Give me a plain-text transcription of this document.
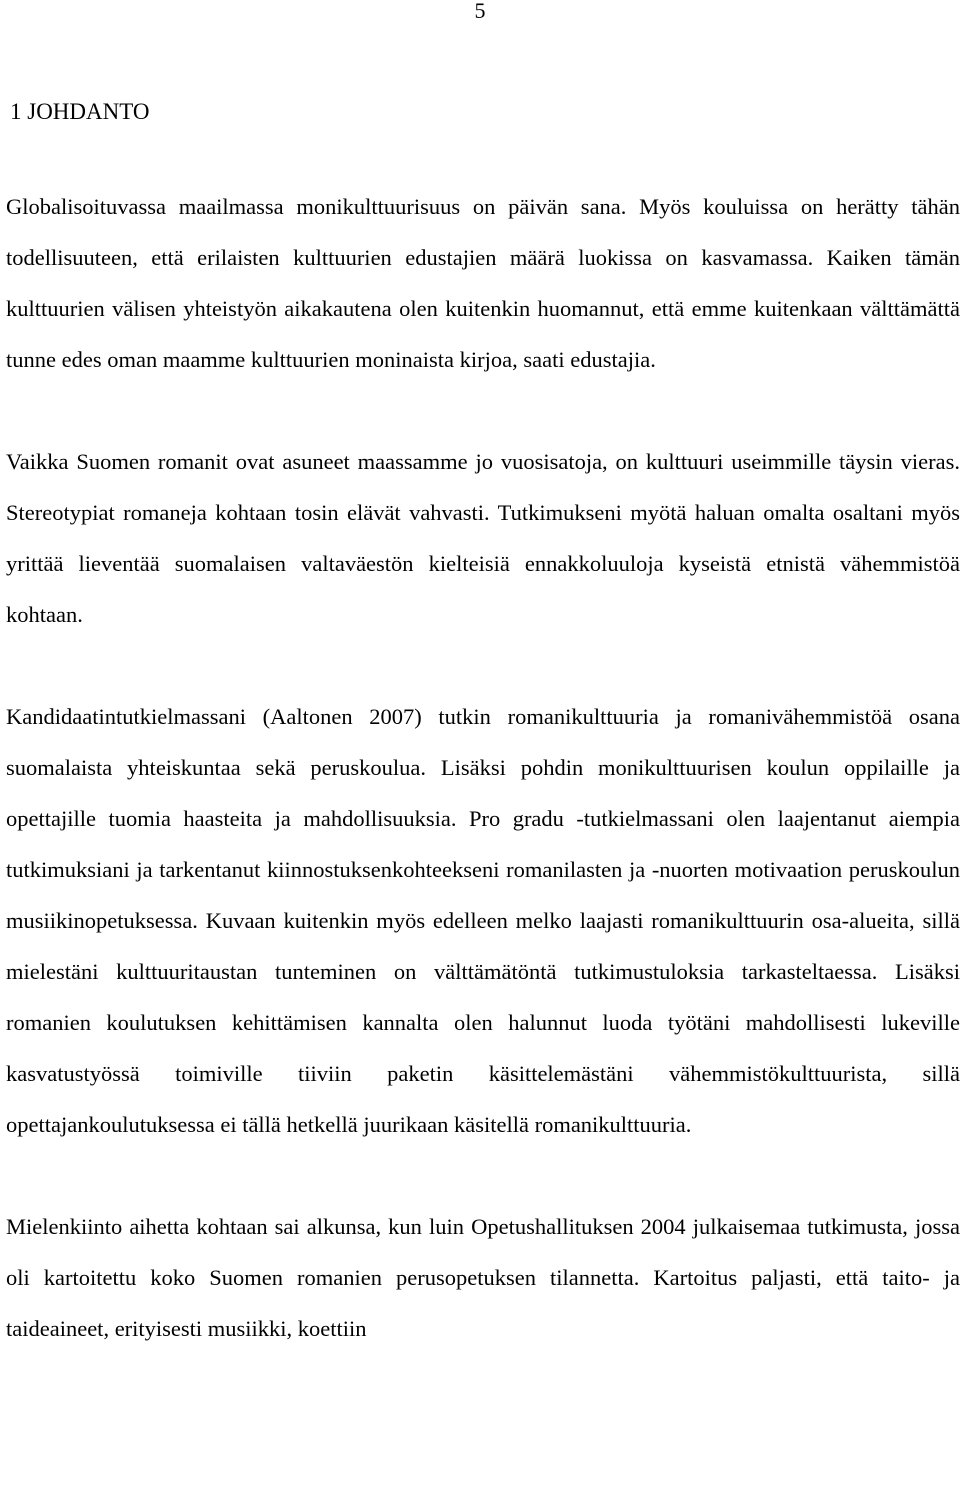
5
1 JOHDANTO

Globalisoituvassa maailmassa monikulttuurisuus on päivän sana. Myös kouluissa on herätty tähän todellisuuteen, että erilaisten kulttuurien edustajien määrä luokissa on kasvamassa. Kaiken tämän kulttuurien välisen yhteistyön aikakautena olen kuitenkin huomannut, että emme kuitenkaan välttämättä tunne edes oman maamme kulttuurien moninaista kirjoa, saati edustajia.

Vaikka Suomen romanit ovat asuneet maassamme jo vuosisatoja, on kulttuuri useimmille täysin vieras. Stereotypiat romaneja kohtaan tosin elävät vahvasti. Tutkimukseni myötä haluan omalta osaltani myös yrittää lieventää suomalaisen valtaväestön kielteisiä ennakkoluuloja kyseistä etnistä vähemmistöä kohtaan.

Kandidaatintutkielmassani (Aaltonen 2007) tutkin romanikulttuuria ja romanivähemmistöä osana suomalaista yhteiskuntaa sekä peruskoulua. Lisäksi pohdin monikulttuurisen koulun oppilaille ja opettajille tuomia haasteita ja mahdollisuuksia. Pro gradu -tutkielmassani olen laajentanut aiempia tutkimuksiani ja tarkentanut kiinnostuksenkohteekseni romanilasten ja -nuorten motivaation peruskoulun musiikinopetuksessa. Kuvaan kuitenkin myös edelleen melko laajasti romanikulttuurin osa-alueita, sillä mielestäni kulttuuritaustan tunteminen on välttämätöntä tutkimustuloksia tarkasteltaessa. Lisäksi romanien koulutuksen kehittämisen kannalta olen halunnut luoda työtäni mahdollisesti lukeville kasvatustyössä toimiville tiiviin paketin käsittelemästäni vähemmistökulttuurista, sillä opettajankoulutuksessa ei tällä hetkellä juurikaan käsitellä romanikulttuuria.

Mielenkiinto aihetta kohtaan sai alkunsa, kun luin Opetushallituksen 2004 julkaisemaa tutkimusta, jossa oli kartoitettu koko Suomen romanien perusopetuksen tilannetta. Kartoitus paljasti, että taito- ja taideaineet, erityisesti musiikki, koettiin
